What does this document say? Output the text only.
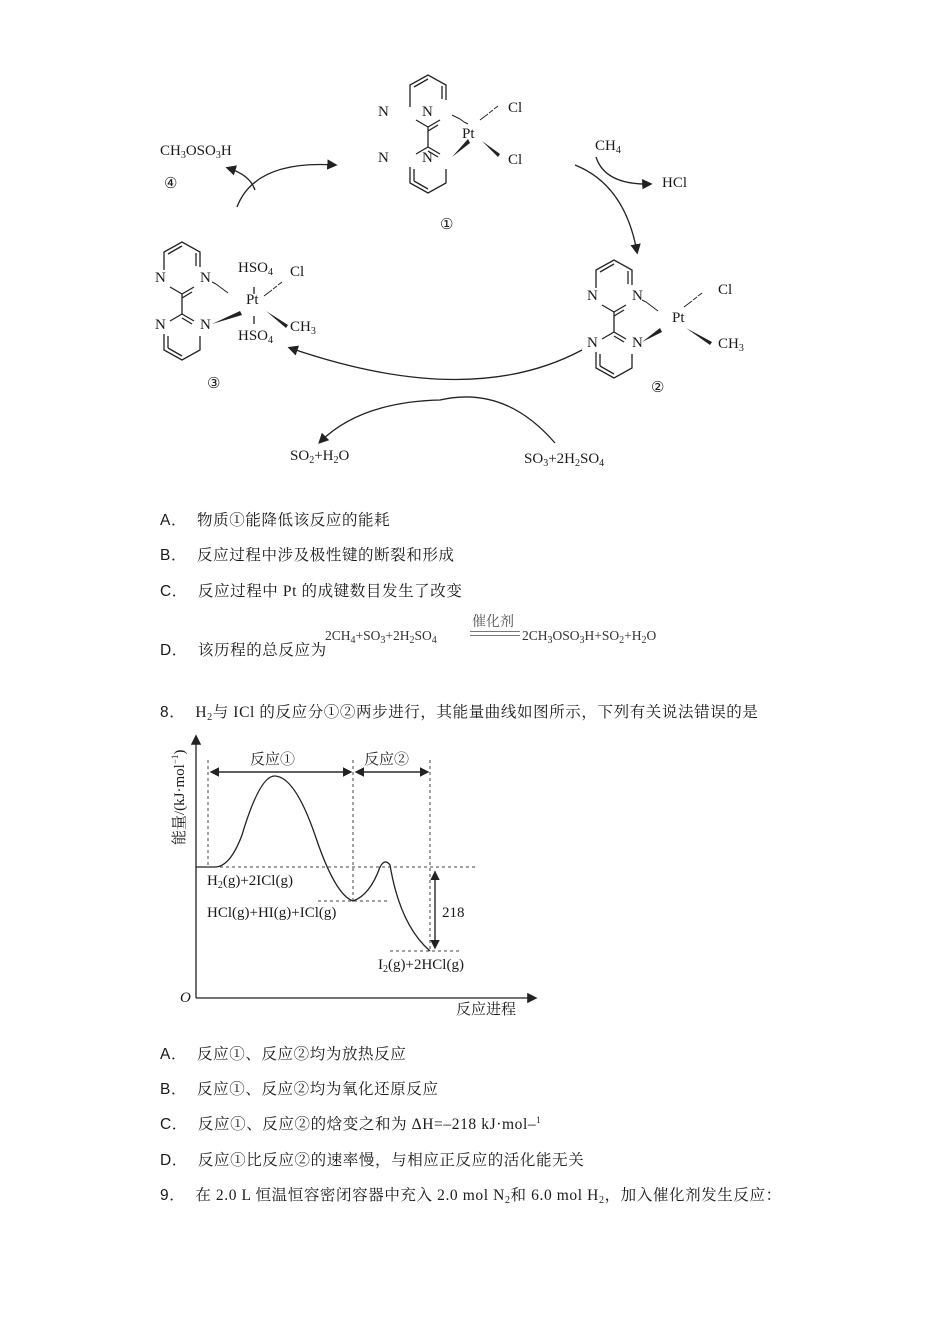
N N
N N
Pt
Cl
Cl
①
N N
N N
Pt
Cl
$CH_3$
②
N N
N N
Pt
$HSO_4$ Cl
$CH_3$
$HSO_4$
③
$CH_3OSO_3H$
④
$CH_4$
HCl
$SO_2+H_2O$	$SO_3+2H_2SO_4$
A． 物质①能降低该反应的能耗
B． 反应过程中涉及极性键的断裂和形成
C． 反应过程中 Pt 的成键数目发生了改变
D． 该历程的总反应为
$2CH_4+SO_3+2H_2SO_4$
催化剂
$2CH_3OSO_3H+SO_2+H_2O$
8． $H_2$与 ICl 的反应分①②两步进行，其能量曲线如图所示，下列有关说法错误的是
能量/(kJ·mol$^{-1}$)	反应①	反应②
$H_2(g)+2ICl(g)$
HCl(g)+HI(g)+ICl(g)
$I_2(g)+2HCl(g)$
218
O
反应进程
A． 反应①、反应②均为放热反应
B． 反应①、反应②均为氧化还原反应
C． 反应①、反应②的焓变之和为 ΔH=–218 kJ·mol–$^1$
D． 反应①比反应②的速率慢，与相应正反应的活化能无关
9． 在 2.0 L 恒温恒容密闭容器中充入 2.0 mol $N_2$和 6.0 mol $H_2$，加入催化剂发生反应：
